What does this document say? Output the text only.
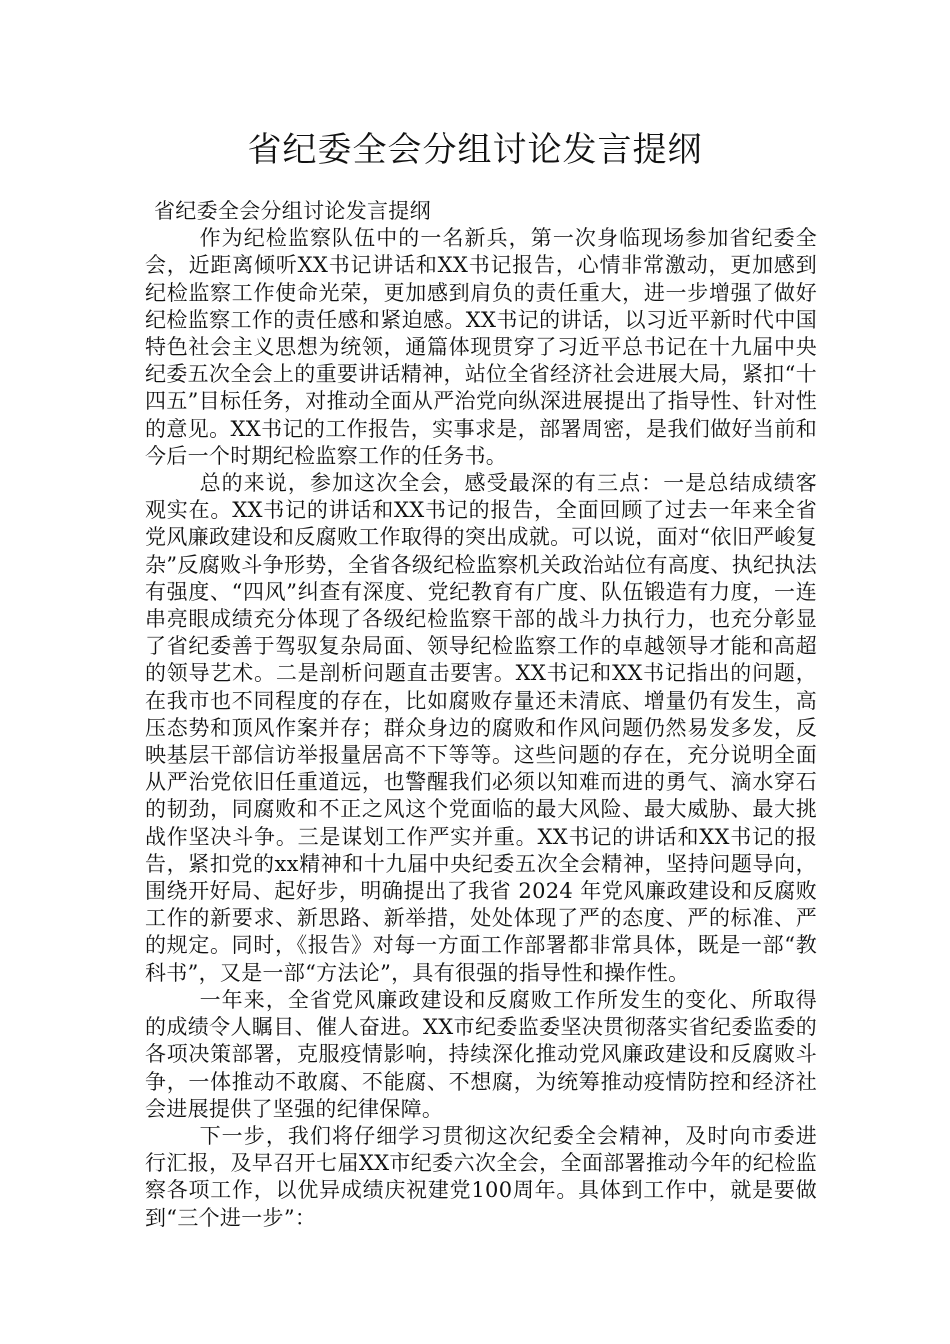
省纪委全会分组讨论发言提纲

省纪委全会分组讨论发言提纲

作为纪检监察队伍中的一名新兵，第一次身临现场参加省纪委全会，近距离倾听XX书记讲话和XX书记报告，心情非常激动，更加感到纪检监察工作使命光荣，更加感到肩负的责任重大，进一步增强了做好纪检监察工作的责任感和紧迫感。XX书记的讲话，以习近平新时代中国特色社会主义思想为统领，通篇体现贯穿了习近平总书记在十九届中央纪委五次全会上的重要讲话精神，站位全省经济社会进展大局，紧扣“十四五”目标任务，对推动全面从严治党向纵深进展提出了指导性、针对性的意见。XX书记的工作报告，实事求是，部署周密，是我们做好当前和今后一个时期纪检监察工作的任务书。

总的来说，参加这次全会，感受最深的有三点：一是总结成绩客观实在。XX书记的讲话和XX书记的报告，全面回顾了过去一年来全省党风廉政建设和反腐败工作取得的突出成就。可以说，面对“依旧严峻复杂”反腐败斗争形势，全省各级纪检监察机关政治站位有高度、执纪执法有强度、“四风”纠查有深度、党纪教育有广度、队伍锻造有力度，一连串亮眼成绩充分体现了各级纪检监察干部的战斗力执行力，也充分彰显了省纪委善于驾驭复杂局面、领导纪检监察工作的卓越领导才能和高超的领导艺术。二是剖析问题直击要害。XX书记和XX书记指出的问题，在我市也不同程度的存在，比如腐败存量还未清底、增量仍有发生，高压态势和顶风作案并存；群众身边的腐败和作风问题仍然易发多发，反映基层干部信访举报量居高不下等等。这些问题的存在，充分说明全面从严治党依旧任重道远，也警醒我们必须以知难而进的勇气、滴水穿石的韧劲，同腐败和不正之风这个党面临的最大风险、最大威胁、最大挑战作坚决斗争。三是谋划工作严实并重。XX书记的讲话和XX书记的报告，紧扣党的xx精神和十九届中央纪委五次全会精神，坚持问题导向，围绕开好局、起好步，明确提出了我省 2024 年党风廉政建设和反腐败工作的新要求、新思路、新举措，处处体现了严的态度、严的标准、严的规定。同时，《报告》对每一方面工作部署都非常具体，既是一部“教科书”，又是一部“方法论”，具有很强的指导性和操作性。

一年来，全省党风廉政建设和反腐败工作所发生的变化、所取得的成绩令人瞩目、催人奋进。XX市纪委监委坚决贯彻落实省纪委监委的各项决策部署，克服疫情影响，持续深化推动党风廉政建设和反腐败斗争，一体推动不敢腐、不能腐、不想腐，为统筹推动疫情防控和经济社会进展提供了坚强的纪律保障。

下一步，我们将仔细学习贯彻这次纪委全会精神，及时向市委进行汇报，及早召开七届XX市纪委六次全会，全面部署推动今年的纪检监察各项工作，以优异成绩庆祝建党100周年。具体到工作中，就是要做到“三个进一步”：
